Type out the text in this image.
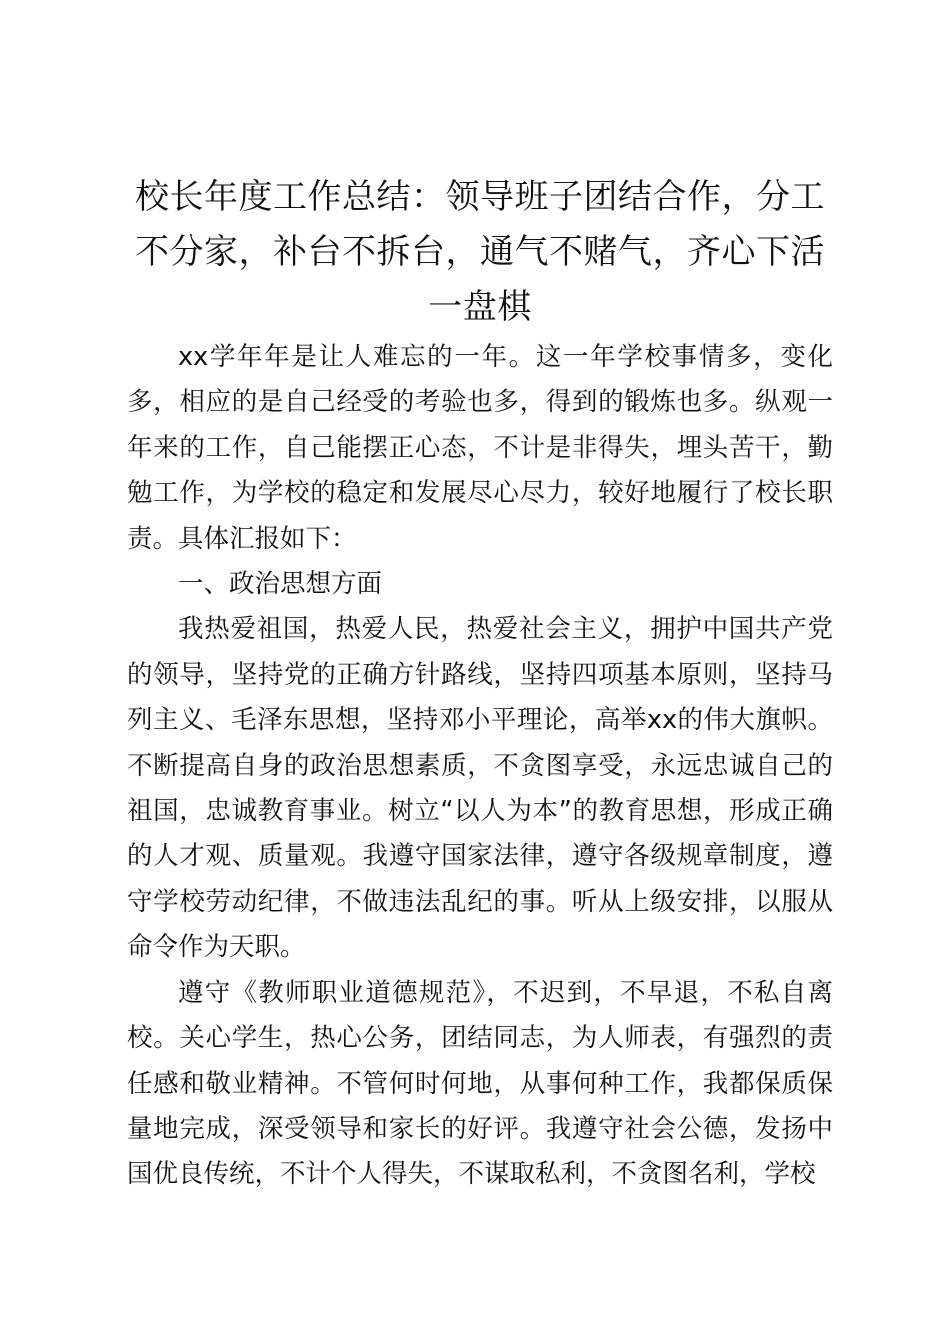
校长年度工作总结：领导班子团结合作，分工不分家，补台不拆台，通气不赌气，齐心下活一盘棋

xx学年年是让人难忘的一年。这一年学校事情多，变化多，相应的是自己经受的考验也多，得到的锻炼也多。纵观一年来的工作，自己能摆正心态，不计是非得失，埋头苦干，勤勉工作，为学校的稳定和发展尽心尽力，较好地履行了校长职责。具体汇报如下：

一、政治思想方面

我热爱祖国，热爱人民，热爱社会主义，拥护中国共产党的领导，坚持党的正确方针路线，坚持四项基本原则，坚持马列主义、毛泽东思想，坚持邓小平理论，高举xx的伟大旗帜。不断提高自身的政治思想素质，不贪图享受，永远忠诚自己的祖国，忠诚教育事业。树立“以人为本”的教育思想，形成正确的人才观、质量观。我遵守国家法律，遵守各级规章制度，遵守学校劳动纪律，不做违法乱纪的事。听从上级安排，以服从命令作为天职。

遵守《教师职业道德规范》，不迟到，不早退，不私自离校。关心学生，热心公务，团结同志，为人师表，有强烈的责任感和敬业精神。不管何时何地，从事何种工作，我都保质保量地完成，深受领导和家长的好评。我遵守社会公德，发扬中国优良传统，不计个人得失，不谋取私利，不贪图名利，学校
